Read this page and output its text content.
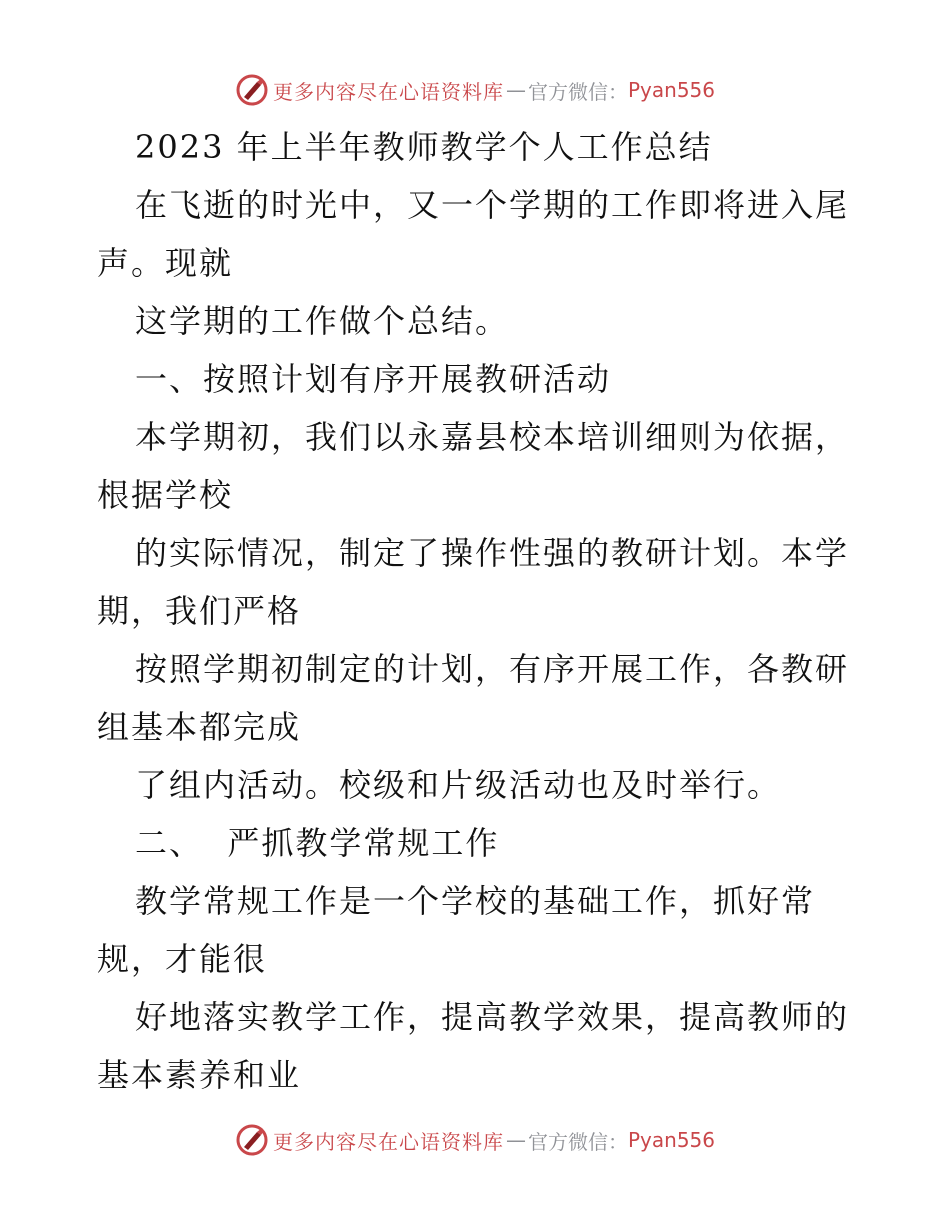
更多内容尽在心语资料库 — 官方微信： Pyan556
2023 年上半年教师教学个人工作总结
在飞逝的时光中，又一个学期的工作即将进入尾
声。现就
这学期的工作做个总结。
一、按照计划有序开展教研活动
本学期初，我们以永嘉县校本培训细则为依据，
根据学校
的实际情况，制定了操作性强的教研计划。本学
期，我们严格
按照学期初制定的计划，有序开展工作，各教研
组基本都完成
了组内活动。校级和片级活动也及时举行。
二、  严抓教学常规工作
教学常规工作是一个学校的基础工作，抓好常
规，才能很
好地落实教学工作，提高教学效果，提高教师的
基本素养和业
更多内容尽在心语资料库 — 官方微信： Pyan556
